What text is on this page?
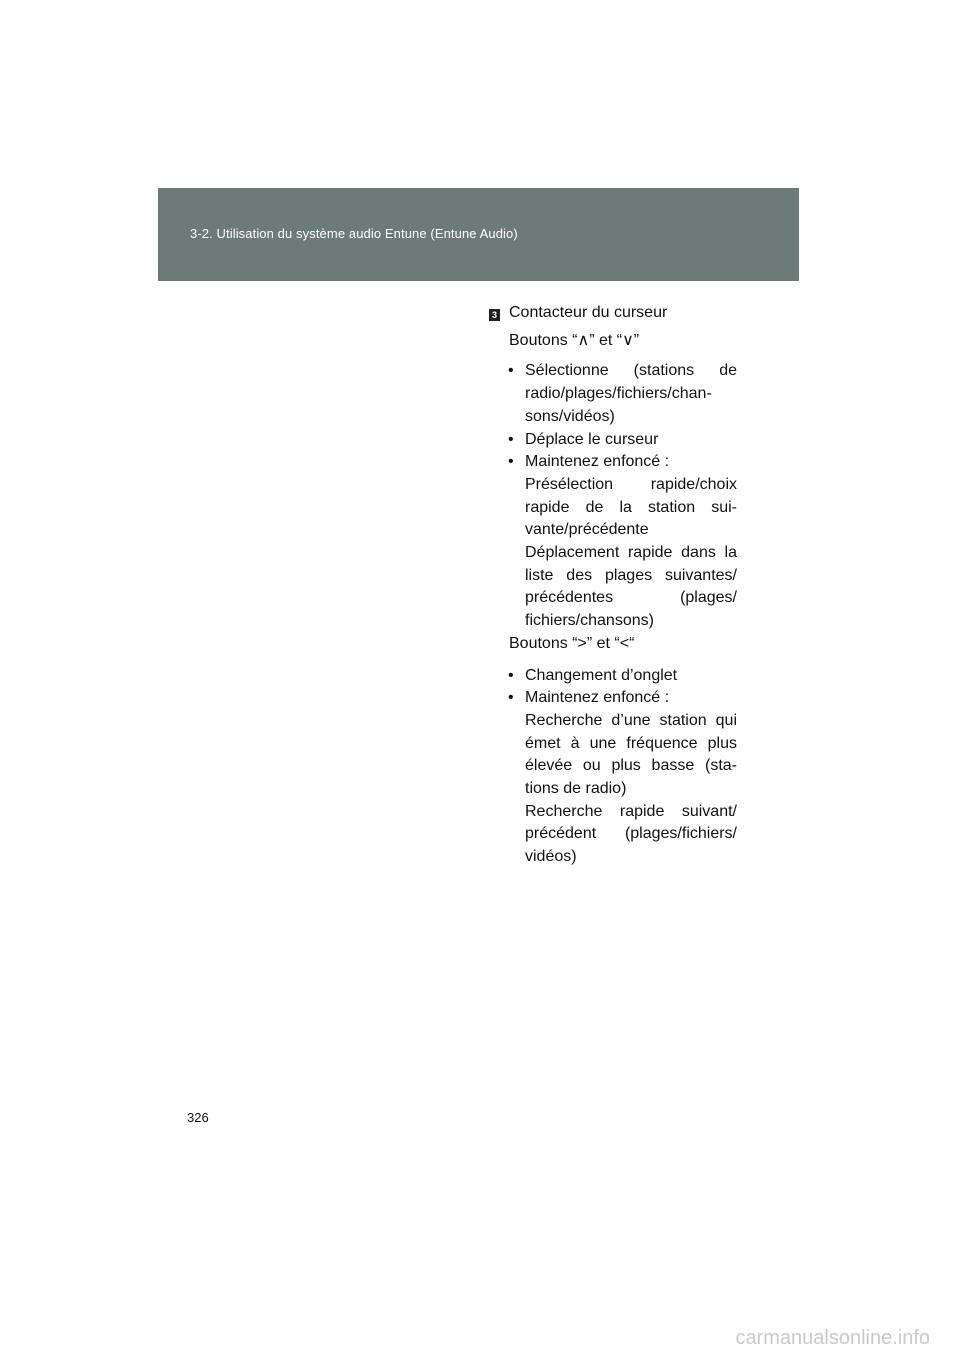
3-2. Utilisation du système audio Entune (Entune Audio)
3 Contacteur du curseur
Boutons “∧” et “∨”
• Sélectionne (stations de radio/plages/fichiers/chan-sons/vidéos)
• Déplace le curseur
• Maintenez enfoncé :
Présélection rapide/choix rapide de la station sui-vante/précédente
Déplacement rapide dans la liste des plages suivantes/ précédentes (plages/ fichiers/chansons)
Boutons “>” et “<“
• Changement d’onglet
• Maintenez enfoncé :
Recherche d’une station qui émet à une fréquence plus élevée ou plus basse (sta-tions de radio)
Recherche rapide suivant/ précédent (plages/fichiers/ vidéos)
326
carmanualsonline.info
